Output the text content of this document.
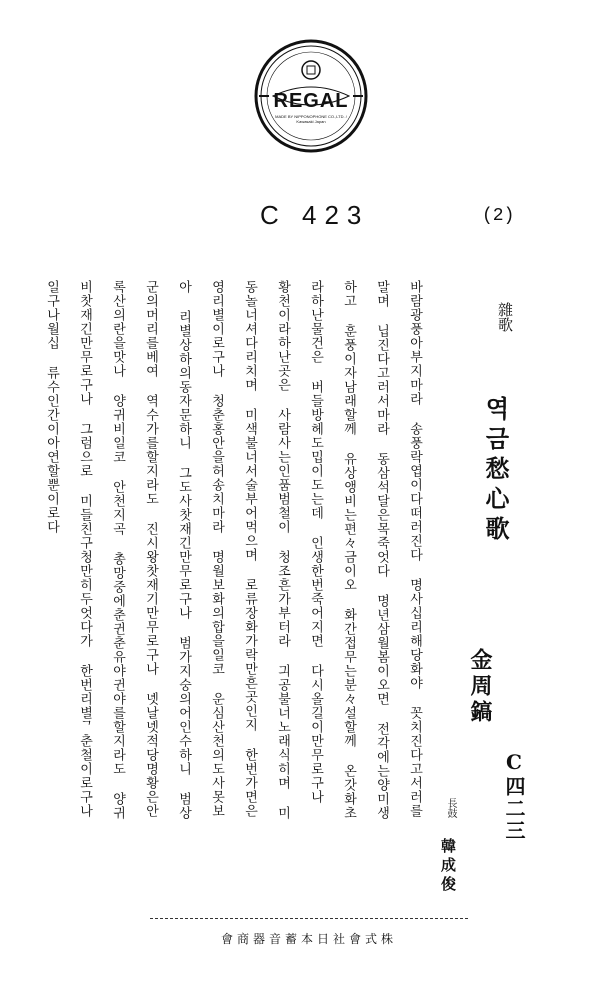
REGAL
MADE BY NIPPONOPHONE CO.,LTD. / Kawasaki Japan
C 423	(2)
雜歌
역금愁心歌
C四二三
金周鎬
長鼓
韓成俊
바람광풍아부지마라 송풍락엽이다떠러진다 명사십리해당화야 꼿치진다고서러를
말며 닙진다고러서마라 동삼석달은목죽엇다 명년삼월봄이오면 전각에는양미생
하고 훈풍이자남래할께 유상앵비는편々금이오 화간접무는분々설할께 온갓화초
라하난물건은 버들방헤도밉이도는데 인생한번죽어지면 다시올길이만무로구나
황천이라하난곳은 사람사는인품범철이 청조흔가부터라 긔공불너노래식히며 미
동놀너셔다리치며 미색불너서술부어먹으며 로류장화가락만흔곳인지 한번가면은
영리별이로구나 청춘홍안을허송치마라 명월보화의합을일코 운심산천의도사못보
아 리별상하의동자문하니 그도사찻재긴만무로구나 범가지숭의어인수하니 범상
군의머리를베여 역수가를할지라도 진시왕찻재기만무로구나 녯날녯적당명황은안
록산의란을맛나 양귀비일코 안천지곡 총망중에춘귄춘유야귄야를할지라도 양귀
비찻재긴만무로구나 그럼으로 미들친구청만히두엇다가 한번리별ᄀ춘철이로구나
일구나월십 류수인간이아연할뿐이로다
會商器音蓄本日社會式株
